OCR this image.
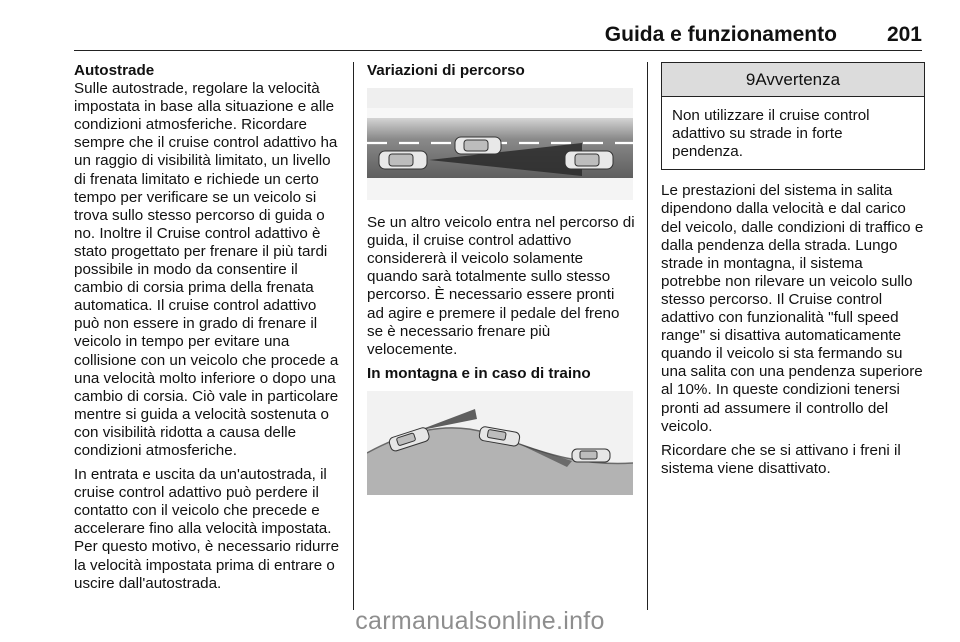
Guida e funzionamento 201
Autostrade

Sulle autostrade, regolare la velocità impostata in base alla situazione e alle condizioni atmosferiche. Ricordare sempre che il cruise control adattivo ha un raggio di visibilità limitato, un livello di frenata limitato e richiede un certo tempo per verificare se un veicolo si trova sullo stesso percorso di guida o no. Inoltre il Cruise control adattivo è stato progettato per frenare il più tardi possibile in modo da consentire il cambio di corsia prima della frenata automatica. Il cruise control adattivo può non essere in grado di frenare il veicolo in tempo per evitare una collisione con un veicolo che procede a una velocità molto inferiore o dopo una cambio di corsia. Ciò vale in particolare mentre si guida a velocità sostenuta o con visibilità ridotta a causa delle condizioni atmosferiche.

In entrata e uscita da un'autostrada, il cruise control adattivo può perdere il contatto con il veicolo che precede e accelerare fino alla velocità impostata. Per questo motivo, è necessario ridurre la velocità impostata prima di entrare o uscire dall'autostrada.

Variazioni di percorso

Se un altro veicolo entra nel percorso di guida, il cruise control adattivo considererà il veicolo solamente quando sarà totalmente sullo stesso percorso. È necessario essere pronti ad agire e premere il pedale del freno se è necessario frenare più velocemente.

In montagna e in caso di traino
9Avvertenza

Non utilizzare il cruise control adattivo su strade in forte pendenza.

Le prestazioni del sistema in salita dipendono dalla velocità e dal carico del veicolo, dalle condizioni di traffico e dalla pendenza della strada. Lungo strade in montagna, il sistema potrebbe non rilevare un veicolo sullo stesso percorso. Il Cruise control adattivo con funzionalità "full speed range" si disattiva automaticamente quando il veicolo si sta fermando su una salita con una pendenza superiore al 10%. In queste condizioni tenersi pronti ad assumere il controllo del veicolo.

Ricordare che se si attivano i freni il sistema viene disattivato.

carmanualsonline.info
